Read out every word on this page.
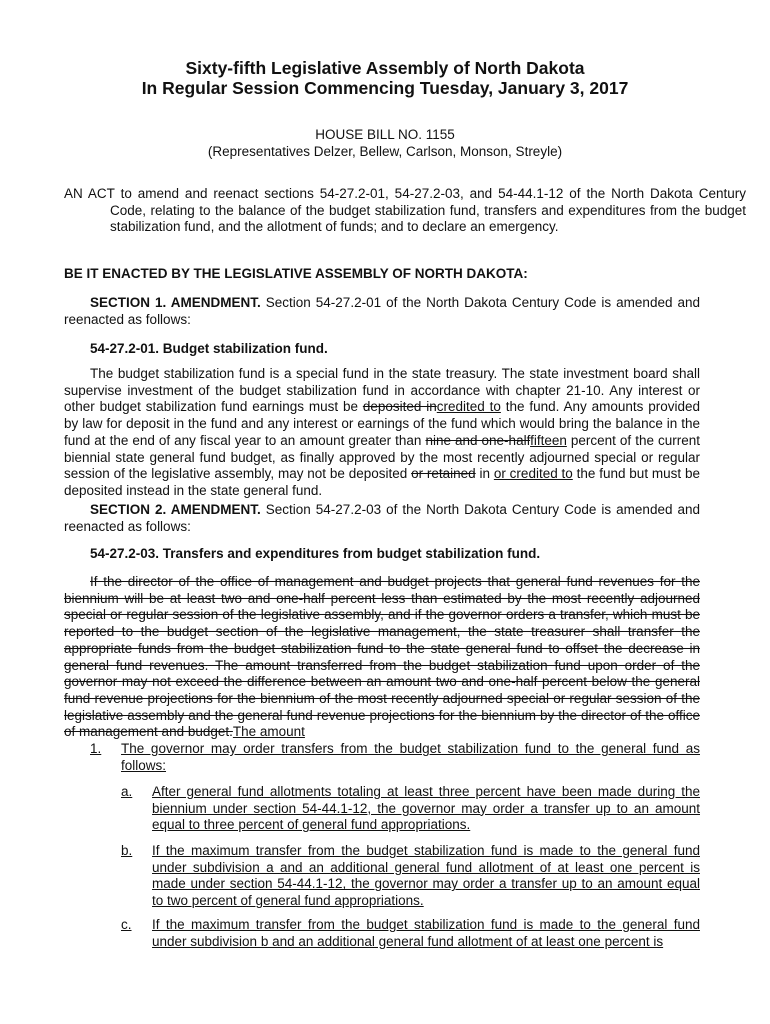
Sixty-fifth Legislative Assembly of North Dakota
In Regular Session Commencing Tuesday, January 3, 2017
HOUSE BILL NO. 1155
(Representatives Delzer, Bellew, Carlson, Monson, Streyle)
AN ACT to amend and reenact sections 54-27.2-01, 54-27.2-03, and 54-44.1-12 of the North Dakota Century Code, relating to the balance of the budget stabilization fund, transfers and expenditures from the budget stabilization fund, and the allotment of funds; and to declare an emergency.
BE IT ENACTED BY THE LEGISLATIVE ASSEMBLY OF NORTH DAKOTA:
SECTION 1. AMENDMENT. Section 54-27.2-01 of the North Dakota Century Code is amended and reenacted as follows:
54-27.2-01. Budget stabilization fund.
The budget stabilization fund is a special fund in the state treasury. The state investment board shall supervise investment of the budget stabilization fund in accordance with chapter 21-10. Any interest or other budget stabilization fund earnings must be deposited incredited to the fund. Any amounts provided by law for deposit in the fund and any interest or earnings of the fund which would bring the balance in the fund at the end of any fiscal year to an amount greater than nine and one-halffifteen percent of the current biennial state general fund budget, as finally approved by the most recently adjourned special or regular session of the legislative assembly, may not be deposited or retained in or credited to the fund but must be deposited instead in the state general fund.
SECTION 2. AMENDMENT. Section 54-27.2-03 of the North Dakota Century Code is amended and reenacted as follows:
54-27.2-03. Transfers and expenditures from budget stabilization fund.
If the director of the office of management and budget projects that general fund revenues for the biennium will be at least two and one-half percent less than estimated by the most recently adjourned special or regular session of the legislative assembly, and if the governor orders a transfer, which must be reported to the budget section of the legislative management, the state treasurer shall transfer the appropriate funds from the budget stabilization fund to the state general fund to offset the decrease in general fund revenues. The amount transferred from the budget stabilization fund upon order of the governor may not exceed the difference between an amount two and one-half percent below the general fund revenue projections for the biennium of the most recently adjourned special or regular session of the legislative assembly and the general fund revenue projections for the biennium by the director of the office of management and budget.The amount
1. The governor may order transfers from the budget stabilization fund to the general fund as follows:
a. After general fund allotments totaling at least three percent have been made during the biennium under section 54-44.1-12, the governor may order a transfer up to an amount equal to three percent of general fund appropriations.
b. If the maximum transfer from the budget stabilization fund is made to the general fund under subdivision a and an additional general fund allotment of at least one percent is made under section 54-44.1-12, the governor may order a transfer up to an amount equal to two percent of general fund appropriations.
c. If the maximum transfer from the budget stabilization fund is made to the general fund under subdivision b and an additional general fund allotment of at least one percent is
